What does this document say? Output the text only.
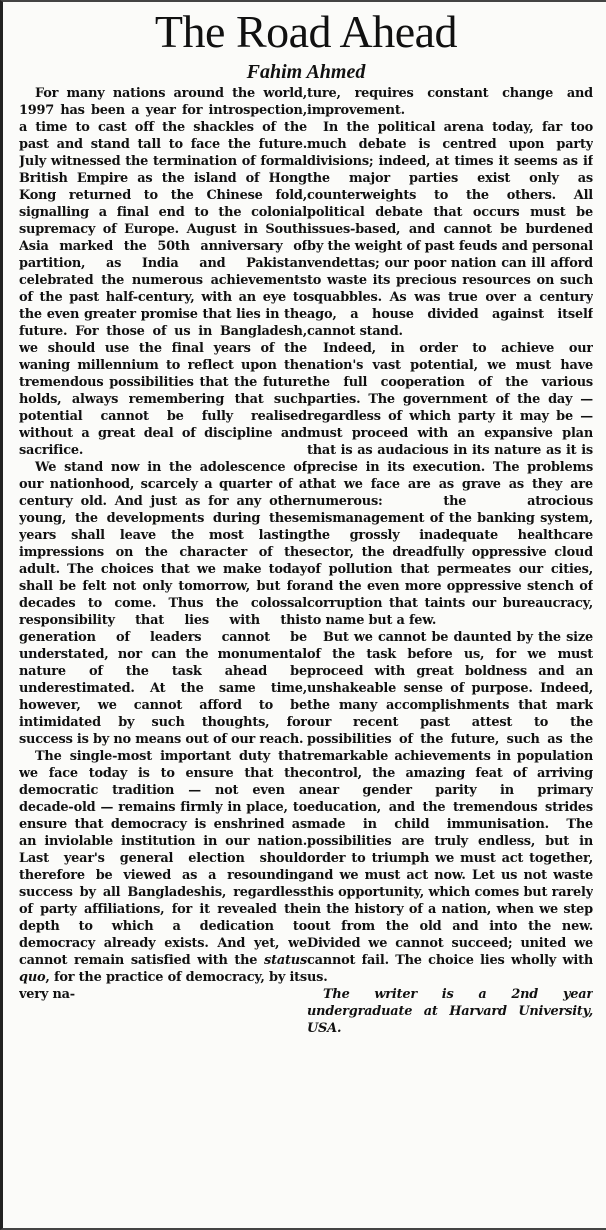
The Road Ahead
Fahim Ahmed

For many nations around the world, 1997 has been a year for introspection, a time to cast off the shackles of the past and stand tall to face the future. July witnessed the termination of formal British Empire as the island of Hong Kong returned to the Chinese fold, signalling a final end to the colonial supremacy of Europe. August in South Asia marked the 50th anniversary of partition, as India and Pakistan celebrated the numerous achievements of the past half-century, with an eye to the even greater promise that lies in the future. For those of us in Bangladesh, we should use the final years of the waning millennium to reflect upon the tremendous possibilities that the future holds, always remembering that such potential cannot be fully realised without a great deal of discipline and sacrifice.

We stand now in the adolescence of our nationhood, scarcely a quarter of a century old. And just as for any other young, the developments during these years shall leave the most lasting impressions on the character of the adult. The choices that we make today shall be felt not only tomorrow, but for decades to come. Thus the colossal responsibility that lies with this generation of leaders cannot be understated, nor can the monumental nature of the task ahead be underestimated. At the same time, however, we cannot afford to be intimidated by such thoughts, for success is by no means out of our reach.

The single-most important duty that we face today is to ensure that the democratic tradition — not even a decade-old — remains firmly in place, to ensure that democracy is enshrined as an inviolable institution in our nation. Last year's general election should therefore be viewed as a resounding success by all Bangladeshis, regardless of party affiliations, for it revealed the depth to which a dedication to democracy already exists. And yet, we cannot remain satisfied with the status quo, for the practice of democracy, by its very na-

ture, requires constant change and improvement.

In the political arena today, far too much debate is centred upon party divisions; indeed, at times it seems as if the major parties exist only as counterweights to the others. All political debate that occurs must be issues-based, and cannot be burdened by the weight of past feuds and personal vendettas; our poor nation can ill afford to waste its precious resources on such squabbles. As was true over a century ago, a house divided against itself cannot stand.

Indeed, in order to achieve our nation's vast potential, we must have the full cooperation of the various parties. The government of the day — regardless of which party it may be — must proceed with an expansive plan that is as audacious in its nature as it is precise in its execution. The problems that we face are as grave as they are numerous: the atrocious mismanagement of the banking system, the grossly inadequate healthcare sector, the dreadfully oppressive cloud of pollution that permeates our cities, and the even more oppressive stench of corruption that taints our bureaucracy, to name but a few.

But we cannot be daunted by the size of the task before us, for we must proceed with great boldness and an unshakeable sense of purpose. Indeed, the many accomplishments that mark our recent past attest to the possibilities of the future, such as the remarkable achievements in population control, the amazing feat of arriving near gender parity in primary education, and the tremendous strides made in child immunisation. The possibilities are truly endless, but in order to triumph we must act together, and we must act now. Let us not waste this opportunity, which comes but rarely in the history of a nation, when we step out from the old and into the new. Divided we cannot succeed; united we cannot fail. The choice lies wholly with us.

The writer is a 2nd year undergraduate at Harvard University, USA.
